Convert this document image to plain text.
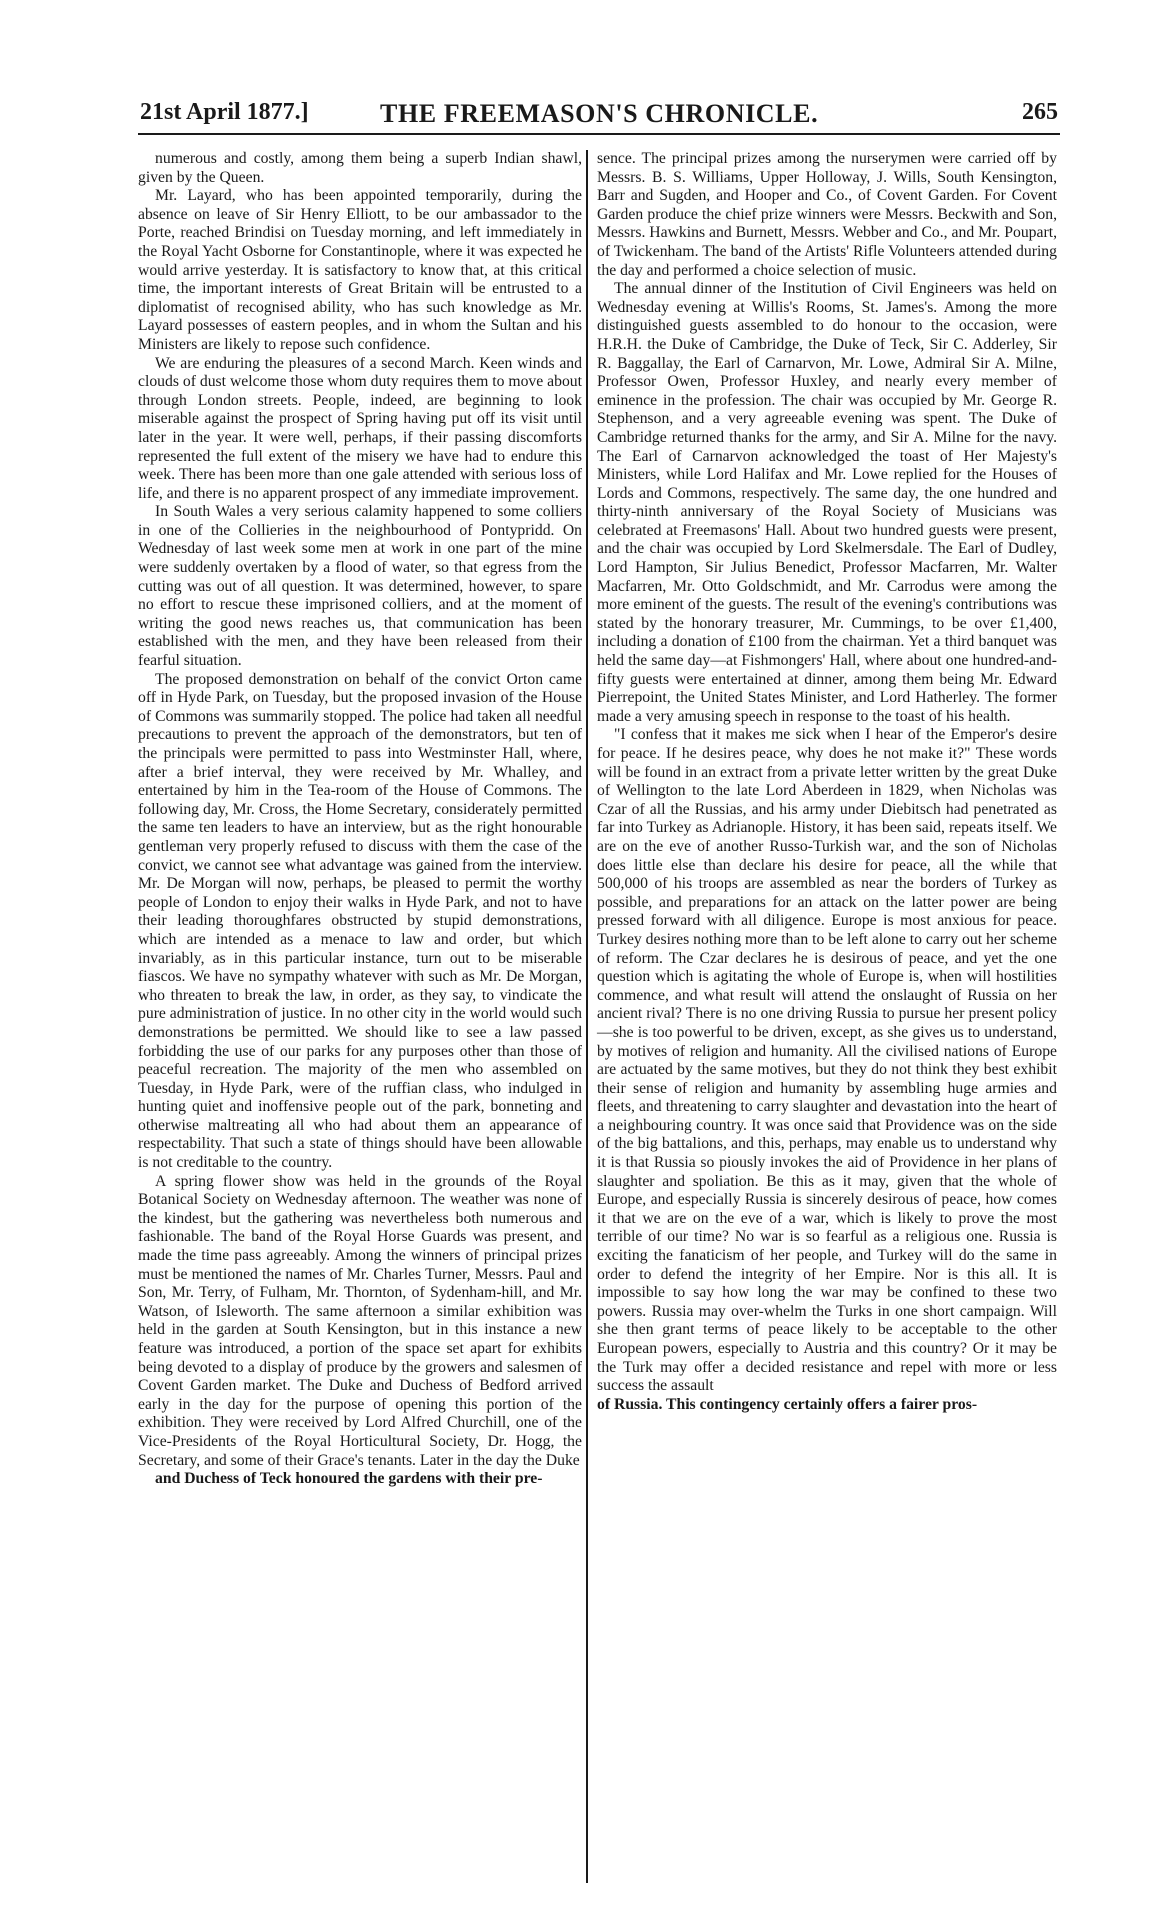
21st April 1877.]	THE FREEMASON'S CHRONICLE.	265

numerous and costly, among them being a superb Indian shawl, given by the Queen.

Mr. Layard, who has been appointed temporarily, during the absence on leave of Sir Henry Elliott, to be our ambassador to the Porte, reached Brindisi on Tuesday morning, and left immediately in the Royal Yacht Osborne for Constantinople, where it was expected he would arrive yesterday. It is satisfactory to know that, at this critical time, the important interests of Great Britain will be entrusted to a diplomatist of recognised ability, who has such knowledge as Mr. Layard possesses of eastern peoples, and in whom the Sultan and his Ministers are likely to repose such confidence.

We are enduring the pleasures of a second March. Keen winds and clouds of dust welcome those whom duty requires them to move about through London streets. People, indeed, are beginning to look miserable against the prospect of Spring having put off its visit until later in the year. It were well, perhaps, if their passing discomforts represented the full extent of the misery we have had to endure this week. There has been more than one gale attended with serious loss of life, and there is no apparent prospect of any immediate improvement.

In South Wales a very serious calamity happened to some colliers in one of the Collieries in the neighbourhood of Pontypridd. On Wednesday of last week some men at work in one part of the mine were suddenly overtaken by a flood of water, so that egress from the cutting was out of all question. It was determined, however, to spare no effort to rescue these imprisoned colliers, and at the moment of writing the good news reaches us, that communication has been established with the men, and they have been released from their fearful situation.

The proposed demonstration on behalf of the convict Orton came off in Hyde Park, on Tuesday, but the proposed invasion of the House of Commons was summarily stopped. The police had taken all needful precautions to prevent the approach of the demonstrators, but ten of the principals were permitted to pass into Westminster Hall, where, after a brief interval, they were received by Mr. Whalley, and entertained by him in the Tea-room of the House of Commons. The following day, Mr. Cross, the Home Secretary, considerately permitted the same ten leaders to have an interview, but as the right honourable gentleman very properly refused to discuss with them the case of the convict, we cannot see what advantage was gained from the interview. Mr. De Morgan will now, perhaps, be pleased to permit the worthy people of London to enjoy their walks in Hyde Park, and not to have their leading thoroughfares obstructed by stupid demonstrations, which are intended as a menace to law and order, but which invariably, as in this particular instance, turn out to be miserable fiascos. We have no sympathy whatever with such as Mr. De Morgan, who threaten to break the law, in order, as they say, to vindicate the pure administration of justice. In no other city in the world would such demonstrations be permitted. We should like to see a law passed forbidding the use of our parks for any purposes other than those of peaceful recreation. The majority of the men who assembled on Tuesday, in Hyde Park, were of the ruffian class, who indulged in hunting quiet and inoffensive people out of the park, bonneting and otherwise maltreating all who had about them an appearance of respectability. That such a state of things should have been allowable is not creditable to the country.

A spring flower show was held in the grounds of the Royal Botanical Society on Wednesday afternoon. The weather was none of the kindest, but the gathering was nevertheless both numerous and fashionable. The band of the Royal Horse Guards was present, and made the time pass agreeably. Among the winners of principal prizes must be mentioned the names of Mr. Charles Turner, Messrs. Paul and Son, Mr. Terry, of Fulham, Mr. Thornton, of Sydenham-hill, and Mr. Watson, of Isleworth. The same afternoon a similar exhibition was held in the garden at South Kensington, but in this instance a new feature was introduced, a portion of the space set apart for exhibits being devoted to a display of produce by the growers and salesmen of Covent Garden market. The Duke and Duchess of Bedford arrived early in the day for the purpose of opening this portion of the exhibition. They were received by Lord Alfred Churchill, one of the Vice-Presidents of the Royal Horticultural Society, Dr. Hogg, the Secretary, and some of their Grace's tenants. Later in the day the Duke

and Duchess of Teck honoured the gardens with their pre-

sence. The principal prizes among the nurserymen were carried off by Messrs. B. S. Williams, Upper Holloway, J. Wills, South Kensington, Barr and Sugden, and Hooper and Co., of Covent Garden. For Covent Garden produce the chief prize winners were Messrs. Beckwith and Son, Messrs. Hawkins and Burnett, Messrs. Webber and Co., and Mr. Poupart, of Twickenham. The band of the Artists' Rifle Volunteers attended during the day and performed a choice selection of music.

The annual dinner of the Institution of Civil Engineers was held on Wednesday evening at Willis's Rooms, St. James's. Among the more distinguished guests assembled to do honour to the occasion, were H.R.H. the Duke of Cambridge, the Duke of Teck, Sir C. Adderley, Sir R. Baggallay, the Earl of Carnarvon, Mr. Lowe, Admiral Sir A. Milne, Professor Owen, Professor Huxley, and nearly every member of eminence in the profession. The chair was occupied by Mr. George R. Stephenson, and a very agreeable evening was spent. The Duke of Cambridge returned thanks for the army, and Sir A. Milne for the navy. The Earl of Carnarvon acknowledged the toast of Her Majesty's Ministers, while Lord Halifax and Mr. Lowe replied for the Houses of Lords and Commons, respectively. The same day, the one hundred and thirty-ninth anniversary of the Royal Society of Musicians was celebrated at Freemasons' Hall. About two hundred guests were present, and the chair was occupied by Lord Skelmersdale. The Earl of Dudley, Lord Hampton, Sir Julius Benedict, Professor Macfarren, Mr. Walter Macfarren, Mr. Otto Goldschmidt, and Mr. Carrodus were among the more eminent of the guests. The result of the evening's contributions was stated by the honorary treasurer, Mr. Cummings, to be over £1,400, including a donation of £100 from the chairman. Yet a third banquet was held the same day—at Fishmongers' Hall, where about one hundred-and-fifty guests were entertained at dinner, among them being Mr. Edward Pierrepoint, the United States Minister, and Lord Hatherley. The former made a very amusing speech in response to the toast of his health.

"I confess that it makes me sick when I hear of the Emperor's desire for peace. If he desires peace, why does he not make it?" These words will be found in an extract from a private letter written by the great Duke of Wellington to the late Lord Aberdeen in 1829, when Nicholas was Czar of all the Russias, and his army under Diebitsch had penetrated as far into Turkey as Adrianople. History, it has been said, repeats itself. We are on the eve of another Russo-Turkish war, and the son of Nicholas does little else than declare his desire for peace, all the while that 500,000 of his troops are assembled as near the borders of Turkey as possible, and preparations for an attack on the latter power are being pressed forward with all diligence. Europe is most anxious for peace. Turkey desires nothing more than to be left alone to carry out her scheme of reform. The Czar declares he is desirous of peace, and yet the one question which is agitating the whole of Europe is, when will hostilities commence, and what result will attend the onslaught of Russia on her ancient rival? There is no one driving Russia to pursue her present policy—she is too powerful to be driven, except, as she gives us to understand, by motives of religion and humanity. All the civilised nations of Europe are actuated by the same motives, but they do not think they best exhibit their sense of religion and humanity by assembling huge armies and fleets, and threatening to carry slaughter and devastation into the heart of a neighbouring country. It was once said that Providence was on the side of the big battalions, and this, perhaps, may enable us to understand why it is that Russia so piously invokes the aid of Providence in her plans of slaughter and spoliation. Be this as it may, given that the whole of Europe, and especially Russia is sincerely desirous of peace, how comes it that we are on the eve of a war, which is likely to prove the most terrible of our time? No war is so fearful as a religious one. Russia is exciting the fanaticism of her people, and Turkey will do the same in order to defend the integrity of her Empire. Nor is this all. It is impossible to say how long the war may be confined to these two powers. Russia may over-whelm the Turks in one short campaign. Will she then grant terms of peace likely to be acceptable to the other European powers, especially to Austria and this country? Or it may be the Turk may offer a decided resistance and repel with more or less success the assault

of Russia. This contingency certainly offers a fairer pros-
